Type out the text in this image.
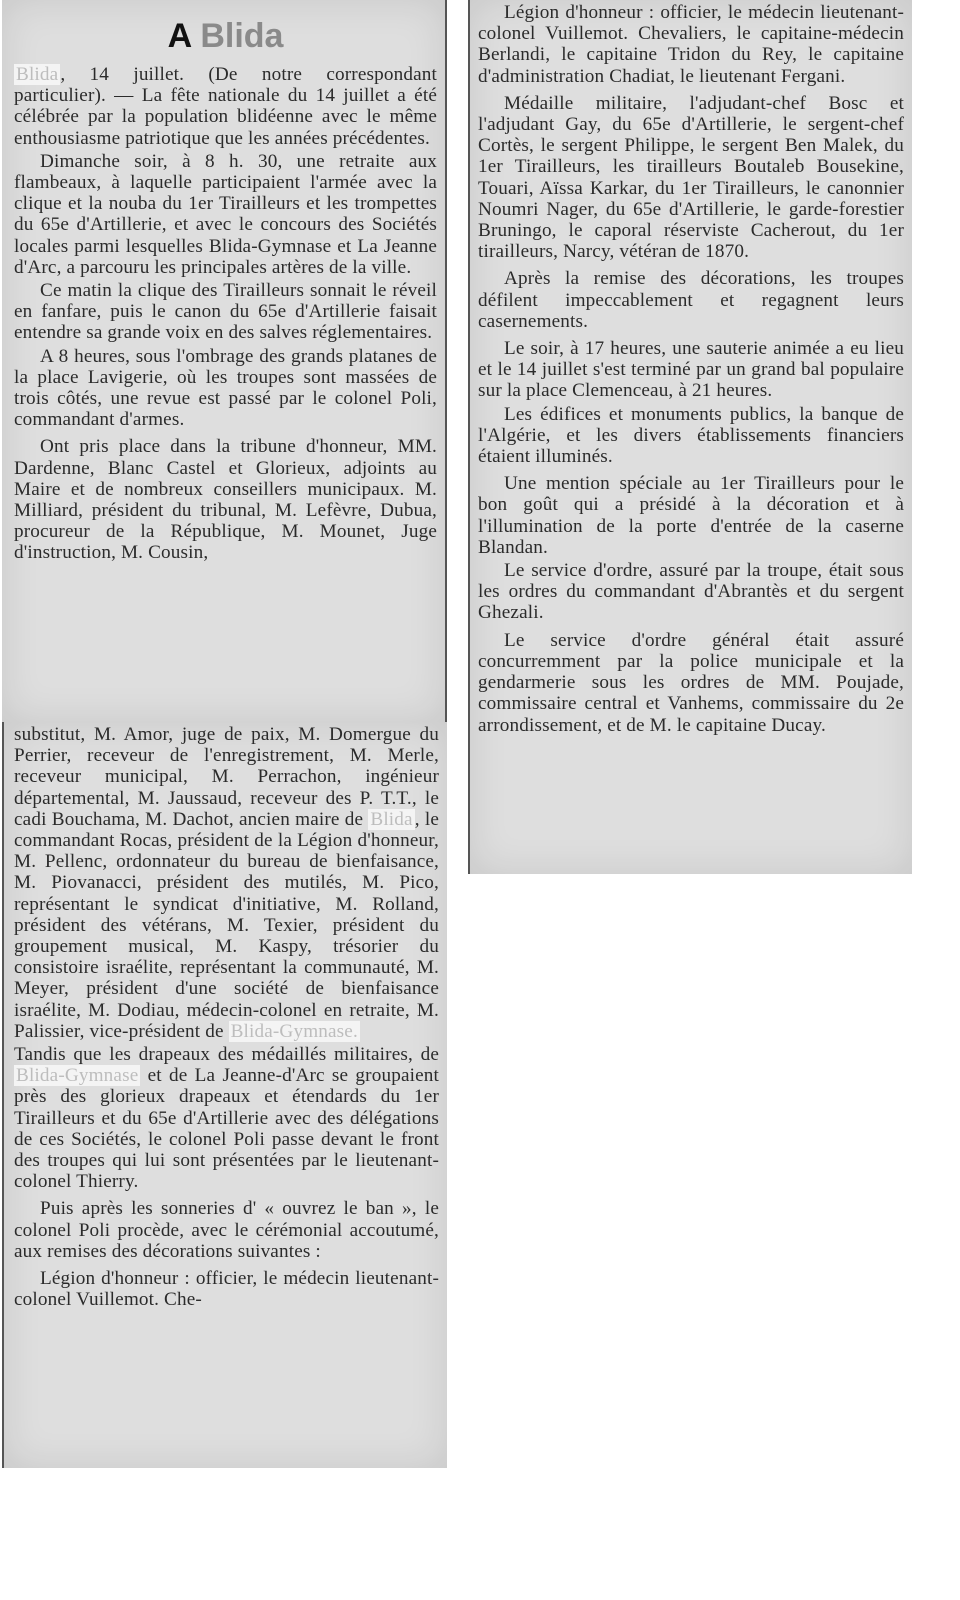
A Blida

Blida , 14 juillet. (De notre correspondant particulier). — La fête nationale du 14 juillet a été célébrée par la population blidéenne avec le même enthousiasme patriotique que les années précédentes.

Dimanche soir, à 8 h. 30, une retraite aux flambeaux, à laquelle participaient l'armée avec la clique et la nouba du 1er Tirailleurs et les trompettes du 65e d'Artillerie, et avec le concours des Sociétés locales parmi lesquelles Blida-Gymnase et La Jeanne d'Arc, a parcouru les principales artères de la ville.

Ce matin la clique des Tirailleurs sonnait le réveil en fanfare, puis le canon du 65e d'Artillerie faisait entendre sa grande voix en des salves réglementaires.

A 8 heures, sous l'ombrage des grands platanes de la place Lavigerie, où les troupes sont massées de trois côtés, une revue est passé par le colonel Poli, commandant d'armes.

Ont pris place dans la tribune d'honneur, MM. Dardenne, Blanc Castel et Glorieux, adjoints au Maire et de nombreux conseillers municipaux. M. Milliard, président du tribunal, M. Lefèvre, Dubua, procureur de la République, M. Mounet, Juge d'instruction, M. Cousin,

substitut, M. Amor, juge de paix, M. Domergue du Perrier, receveur de l'enregistrement, M. Merle, receveur municipal, M. Perrachon, ingénieur départemental, M. Jaussaud, receveur des P. T.T., le cadi Bouchama, M. Dachot, ancien maire de Blida , le commandant Rocas, président de la Légion d'honneur, M. Pellenc, ordonnateur du bureau de bienfaisance, M. Piovanacci, président des mutilés, M. Pico, représentant le syndicat d'initiative, M. Rolland, président des vétérans, M. Texier, président du groupement musical, M. Kaspy, trésorier du consistoire israélite, représentant la communauté, M. Meyer, président d'une société de bienfaisance israélite, M. Dodiau, médecin-colonel en retraite, M. Palissier, vice-président de Blida-Gymnase.

Tandis que les drapeaux des médaillés militaires, de Blida-Gymnase et de La Jeanne-d'Arc se groupaient près des glorieux drapeaux et étendards du 1er Tirailleurs et du 65e d'Artillerie avec des délégations de ces Sociétés, le colonel Poli passe devant le front des troupes qui lui sont présentées par le lieutenant-colonel Thierry.

Puis après les sonneries d' « ouvrez le ban », le colonel Poli procède, avec le cérémonial accoutumé, aux remises des décorations suivantes :

Légion d'honneur : officier, le médecin lieutenant-colonel Vuillemot. Che-

Légion d'honneur : officier, le médecin lieutenant-colonel Vuillemot. Chevaliers, le capitaine-médecin Berlandi, le capitaine Tridon du Rey, le capitaine d'administration Chadiat, le lieutenant Fergani.

Médaille militaire, l'adjudant-chef Bosc et l'adjudant Gay, du 65e d'Artillerie, le sergent-chef Cortès, le sergent Philippe, le sergent Ben Malek, du 1er Tirailleurs, les tirailleurs Boutaleb Bousekine, Touari, Aïssa Karkar, du 1er Tirailleurs, le canonnier Noumri Nager, du 65e d'Artillerie, le garde-forestier Bruningo, le caporal réserviste Cacherout, du 1er tirailleurs, Narcy, vétéran de 1870.

Après la remise des décorations, les troupes défilent impeccablement et regagnent leurs casernements.

Le soir, à 17 heures, une sauterie animée a eu lieu et le 14 juillet s'est terminé par un grand bal populaire sur la place Clemenceau, à 21 heures.

Les édifices et monuments publics, la banque de l'Algérie, et les divers établissements financiers étaient illuminés.

Une mention spéciale au 1er Tirailleurs pour le bon goût qui a présidé à la décoration et à l'illumination de la porte d'entrée de la caserne Blandan.

Le service d'ordre, assuré par la troupe, était sous les ordres du commandant d'Abrantès et du sergent Ghezali.

Le service d'ordre général était assuré concurremment par la police municipale et la gendarmerie sous les ordres de MM. Poujade, commissaire central et Vanhems, commissaire du 2e arrondissement, et de M. le capitaine Ducay.
